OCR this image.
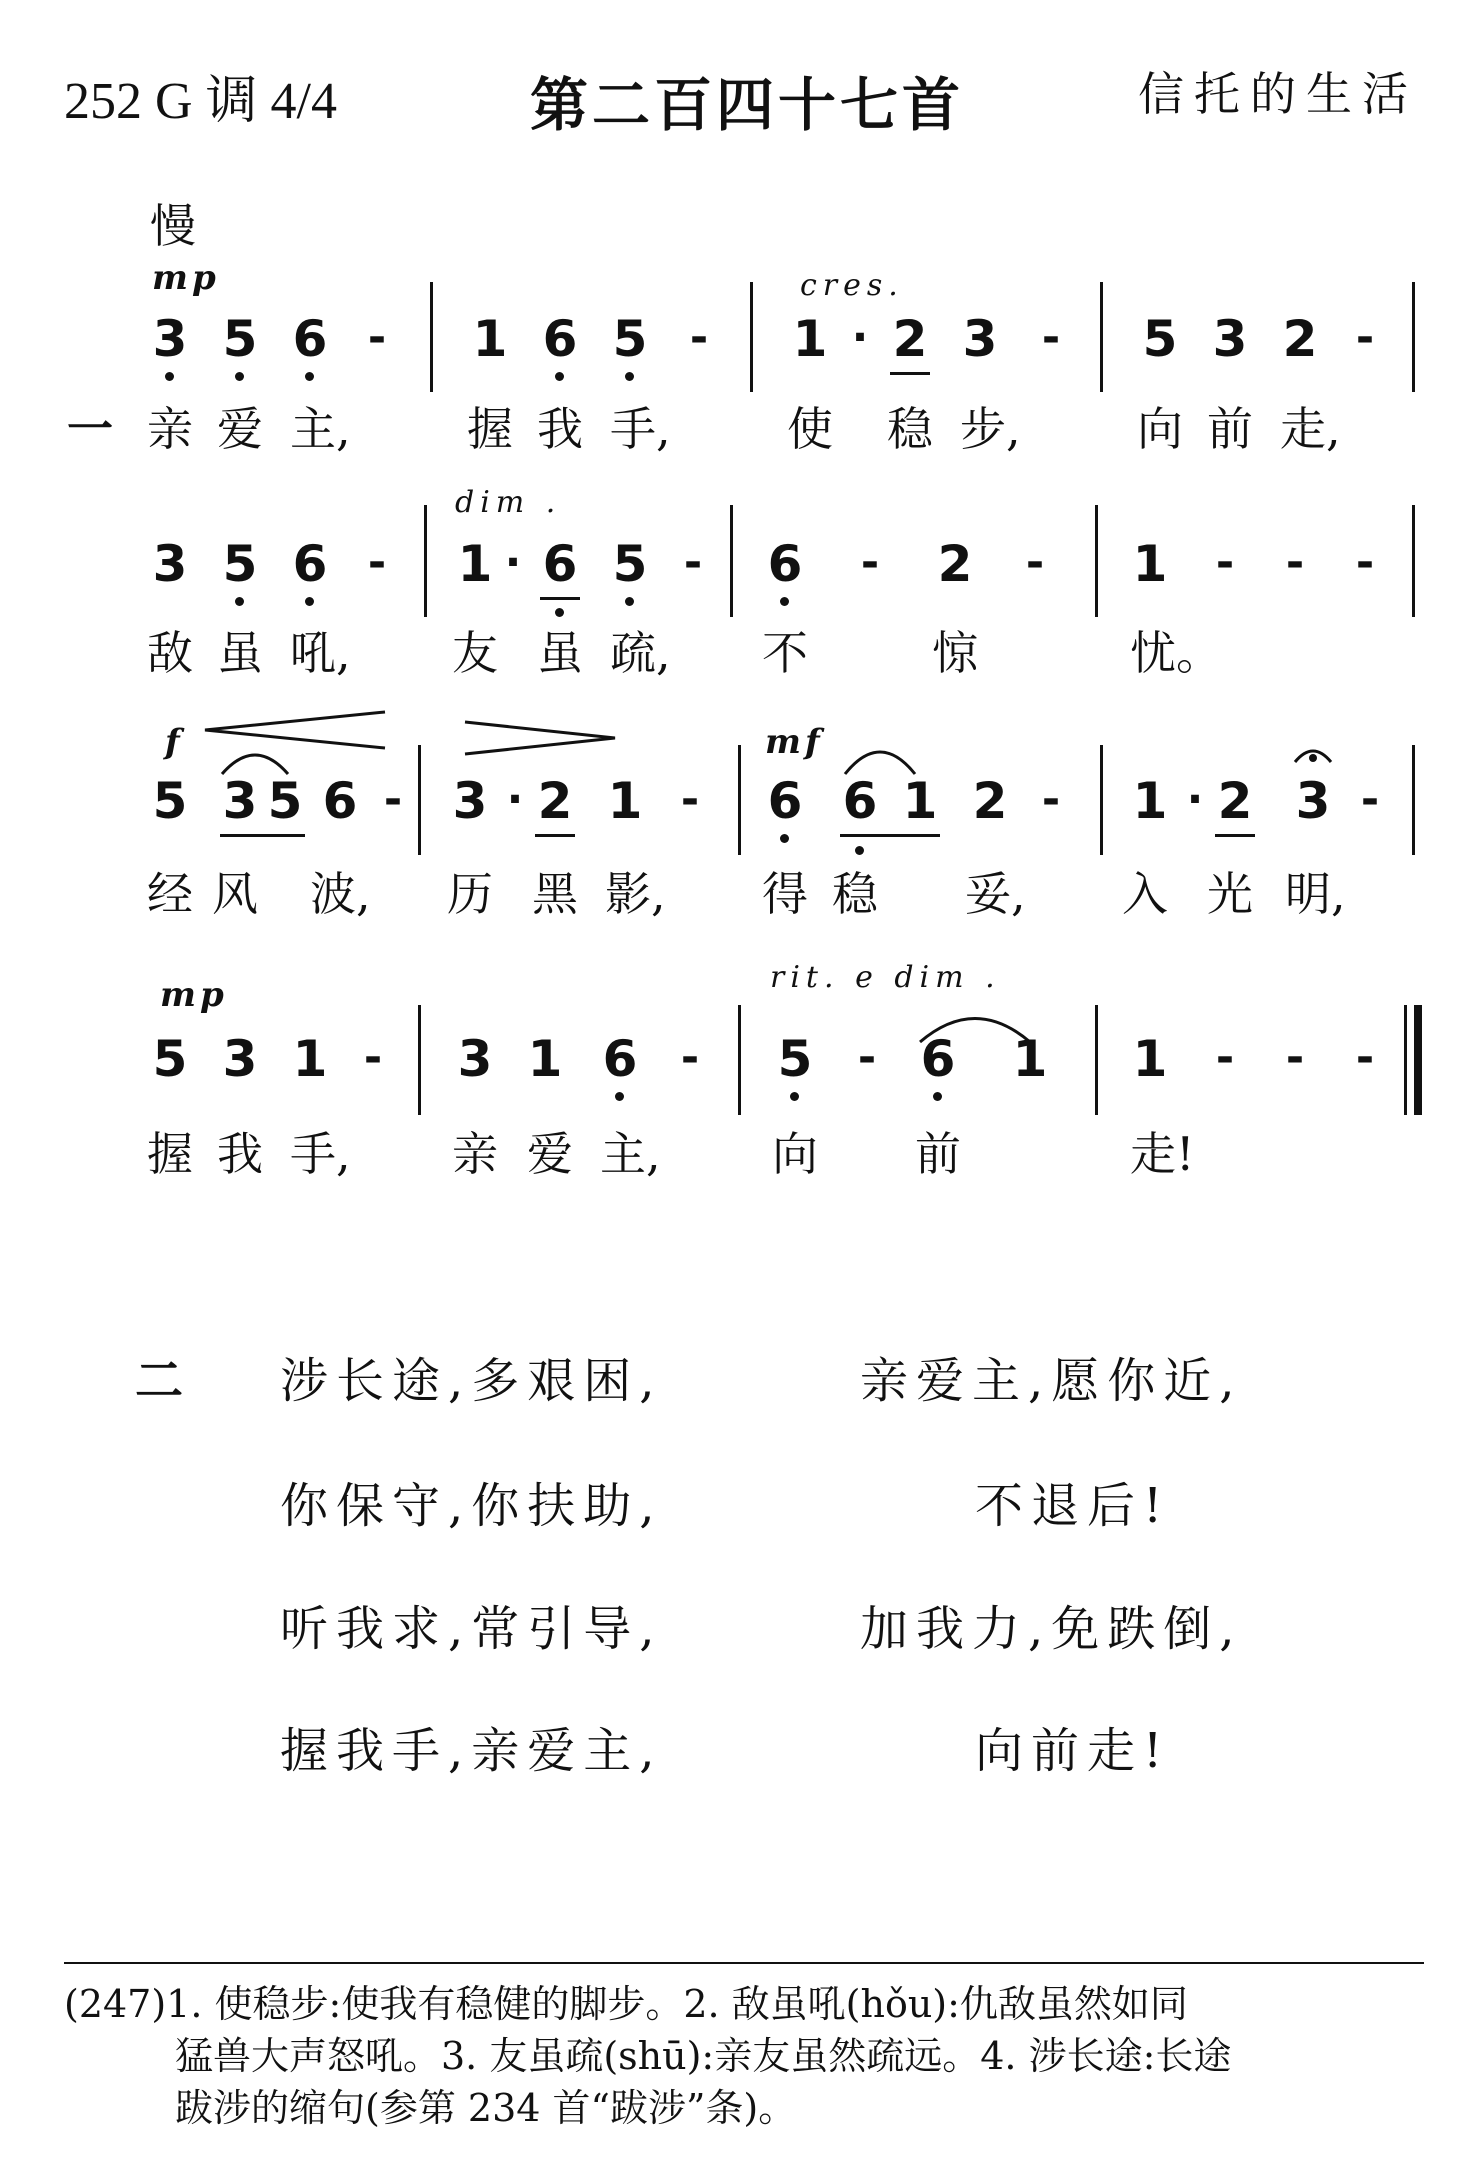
252 G 调 4/4	第二百四十七首	信托的生活
慢
mp	cres.
3 5 6 - 1 6 5 - 1 · 2 3 - 5 3 2 -
一 亲 爱 主,	握 我 手,	使 稳 步,	向 前 走,
dim .
3 5 6 - 1 · 6 5 - 6 - 2 - 1 - - -
敌 虽 吼, 友 虽 疏, 不	惊	忧。
f	mf
5 3 5 6 - 3 · 2 1 - 6 6 1 2 - 1 · 2 3 -
经 风 波, 历 黑 影, 得 稳 妥, 入 光 明,
mp	rit. e dim .
5 3 1 - 3 1 6 - 5 - 6 1 1 - - -
握 我 手, 亲 爱 主, 向 前	走!
二 涉长途,多艰困,	亲爱主,愿你近,
你保守,你扶助,	不退后!
听我求,常引导,	加我力,免跌倒,
握我手,亲爱主,	向前走!
(247)1. 使稳步:使我有稳健的脚步。2. 敌虽吼(hǒu):仇敌虽然如同
猛兽大声怒吼。3. 友虽疏(shū):亲友虽然疏远。4. 涉长途:长途
跋涉的缩句(参第 234 首“跋涉”条)。
